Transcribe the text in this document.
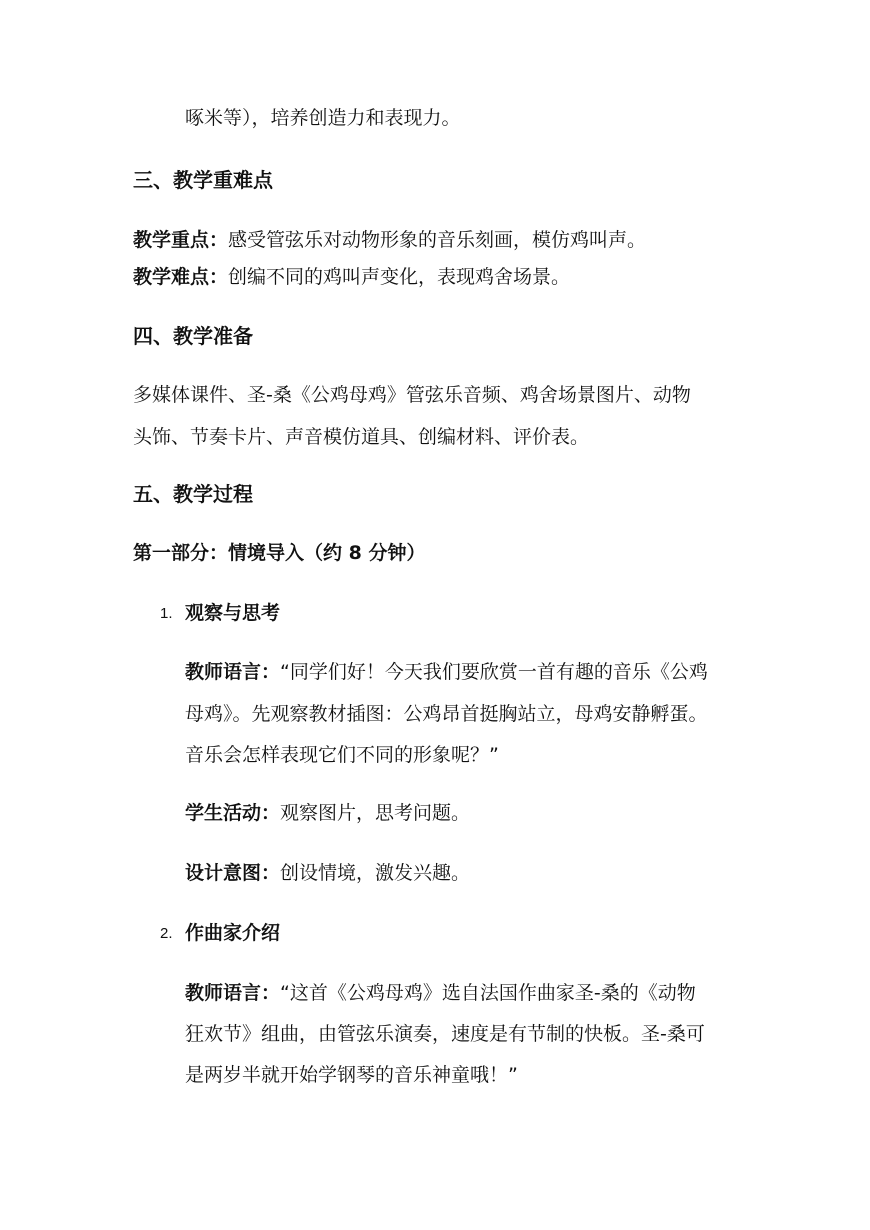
啄米等），培养创造力和表现力。
三、教学重难点
教学重点：感受管弦乐对动物形象的音乐刻画，模仿鸡叫声。
教学难点：创编不同的鸡叫声变化，表现鸡舍场景。
四、教学准备
多媒体课件、圣-桑《公鸡母鸡》管弦乐音频、鸡舍场景图片、动物
头饰、节奏卡片、声音模仿道具、创编材料、评价表。
五、教学过程
第一部分：情境导入（约 8 分钟）
1. 观察与思考
教师语言：“同学们好！今天我们要欣赏一首有趣的音乐《公鸡
母鸡》。先观察教材插图：公鸡昂首挺胸站立，母鸡安静孵蛋。
音乐会怎样表现它们不同的形象呢？”
学生活动：观察图片，思考问题。
设计意图：创设情境，激发兴趣。
2. 作曲家介绍
教师语言：“这首《公鸡母鸡》选自法国作曲家圣-桑的《动物
狂欢节》组曲，由管弦乐演奏，速度是有节制的快板。圣-桑可
是两岁半就开始学钢琴的音乐神童哦！”
